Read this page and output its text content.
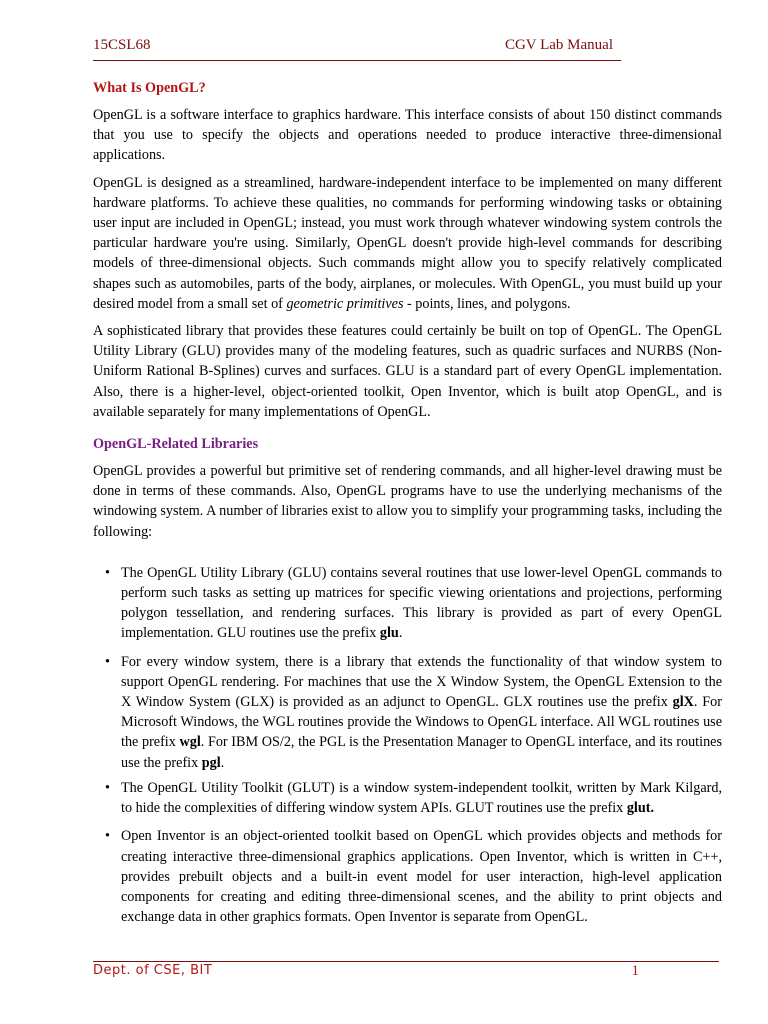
15CSL68	CGV Lab Manual
What Is OpenGL?

OpenGL is a software interface to graphics hardware. This interface consists of about 150 distinct commands that you use to specify the objects and operations needed to produce interactive three-dimensional applications.

OpenGL is designed as a streamlined, hardware-independent interface to be implemented on many different hardware platforms. To achieve these qualities, no commands for performing windowing tasks or obtaining user input are included in OpenGL; instead, you must work through whatever windowing system controls the particular hardware you're using. Similarly, OpenGL doesn't provide high-level commands for describing models of three-dimensional objects. Such commands might allow you to specify relatively complicated shapes such as automobiles, parts of the body, airplanes, or molecules. With OpenGL, you must build up your desired model from a small set of geometric primitives - points, lines, and polygons.

A sophisticated library that provides these features could certainly be built on top of OpenGL. The OpenGL Utility Library (GLU) provides many of the modeling features, such as quadric surfaces and NURBS (Non-Uniform Rational B-Splines) curves and surfaces. GLU is a standard part of every OpenGL implementation. Also, there is a higher-level, object-oriented toolkit, Open Inventor, which is built atop OpenGL, and is available separately for many implementations of OpenGL.

OpenGL-Related Libraries

OpenGL provides a powerful but primitive set of rendering commands, and all higher-level drawing must be done in terms of these commands. Also, OpenGL programs have to use the underlying mechanisms of the windowing system. A number of libraries exist to allow you to simplify your programming tasks, including the following:

• The OpenGL Utility Library (GLU) contains several routines that use lower-level OpenGL commands to perform such tasks as setting up matrices for specific viewing orientations and projections, performing polygon tessellation, and rendering surfaces. This library is provided as part of every OpenGL implementation. GLU routines use the prefix glu.
• For every window system, there is a library that extends the functionality of that window system to support OpenGL rendering. For machines that use the X Window System, the OpenGL Extension to the X Window System (GLX) is provided as an adjunct to OpenGL. GLX routines use the prefix glX. For Microsoft Windows, the WGL routines provide the Windows to OpenGL interface. All WGL routines use the prefix wgl. For IBM OS/2, the PGL is the Presentation Manager to OpenGL interface, and its routines use the prefix pgl.
• The OpenGL Utility Toolkit (GLUT) is a window system-independent toolkit, written by Mark Kilgard, to hide the complexities of differing window system APIs. GLUT routines use the prefix glut.
• Open Inventor is an object-oriented toolkit based on OpenGL which provides objects and methods for creating interactive three-dimensional graphics applications. Open Inventor, which is written in C++, provides prebuilt objects and a built-in event model for user interaction, high-level application components for creating and editing three-dimensional scenes, and the ability to print objects and exchange data in other graphics formats. Open Inventor is separate from OpenGL.
Dept. of CSE, BIT	1
